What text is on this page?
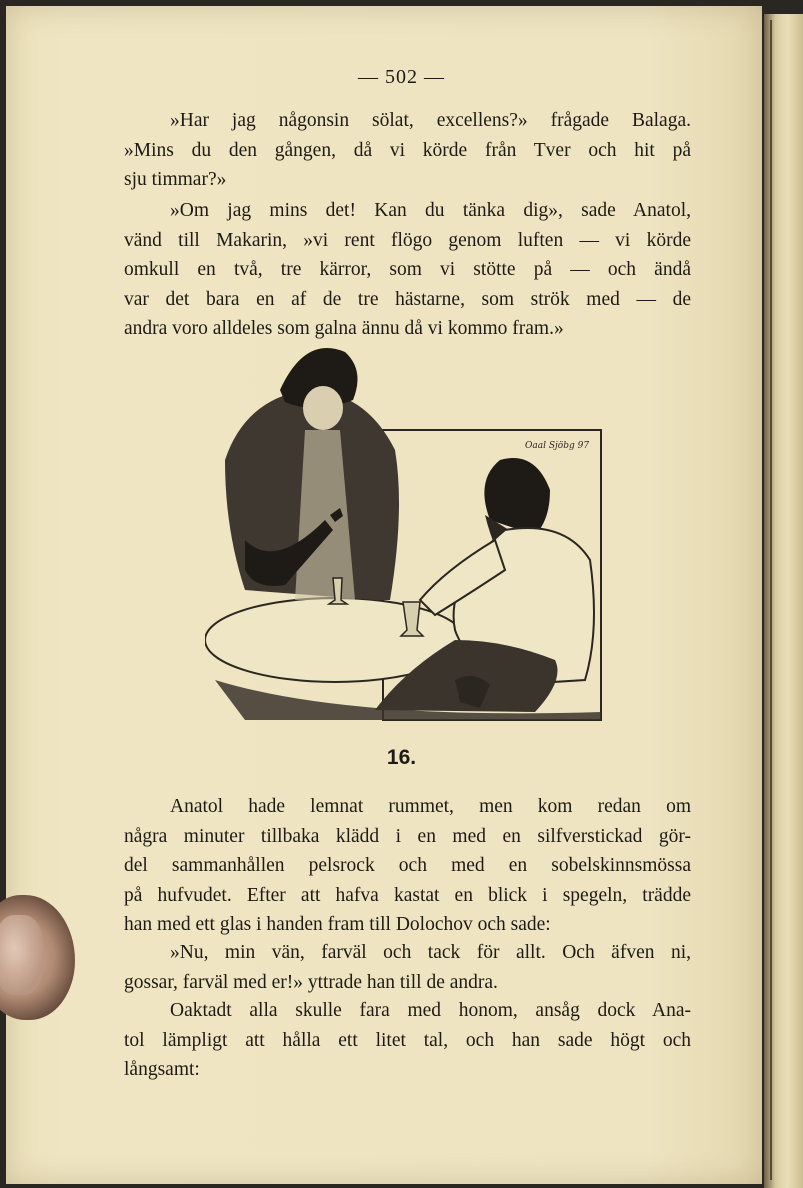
— 502 —
»Har jag någonsin sölat, excellens?» frågade Balaga.
»Mins du den gången, då vi körde från Tver och hit på
sju timmar?»
»Om jag mins det! Kan du tänka dig», sade Anatol,
vänd till Makarin, »vi rent flögo genom luften — vi körde
omkull en två, tre kärror, som vi stötte på — och ändå
var det bara en af de tre hästarne, som strök med — de
andra voro alldeles som galna ännu då vi kommo fram.»
Oaal Sjöbg 97
16.
Anatol hade lemnat rummet, men kom redan om
några minuter tillbaka klädd i en med en silfverstickad gör-
del sammanhållen pelsrock och med en sobelskinnsmössa
på hufvudet. Efter att hafva kastat en blick i spegeln, trädde
han med ett glas i handen fram till Dolochov och sade:
»Nu, min vän, farväl och tack för allt. Och äfven ni,
gossar, farväl med er!» yttrade han till de andra.
Oaktadt alla skulle fara med honom, ansåg dock Ana-
tol lämpligt att hålla ett litet tal, och han sade högt och
långsamt:
